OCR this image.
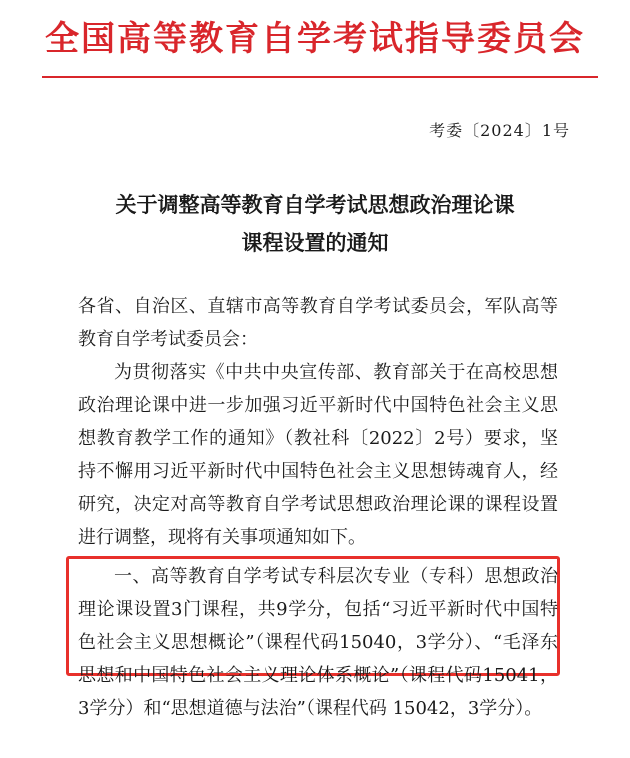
全国高等教育自学考试指导委员会
考委〔2024〕1号
关于调整高等教育自学考试思想政治理论课
课程设置的通知
各省、自治区、直辖市高等教育自学考试委员会，军队高等教育自学考试委员会：
为贯彻落实《中共中央宣传部、教育部关于在高校思想政治理论课中进一步加强习近平新时代中国特色社会主义思想教育教学工作的通知》（教社科〔2022〕2号）要求，坚持不懈用习近平新时代中国特色社会主义思想铸魂育人，经研究，决定对高等教育自学考试思想政治理论课的课程设置进行调整，现将有关事项通知如下。
一、高等教育自学考试专科层次专业（专科）思想政治理论课设置3门课程，共9学分，包括“习近平新时代中国特色社会主义思想概论”（课程代码15040，3学分）、“毛泽东思想和中国特色社会主义理论体系概论”（课程代码15041，3学分）和“思想道德与法治”（课程代码 15042，3学分）。
